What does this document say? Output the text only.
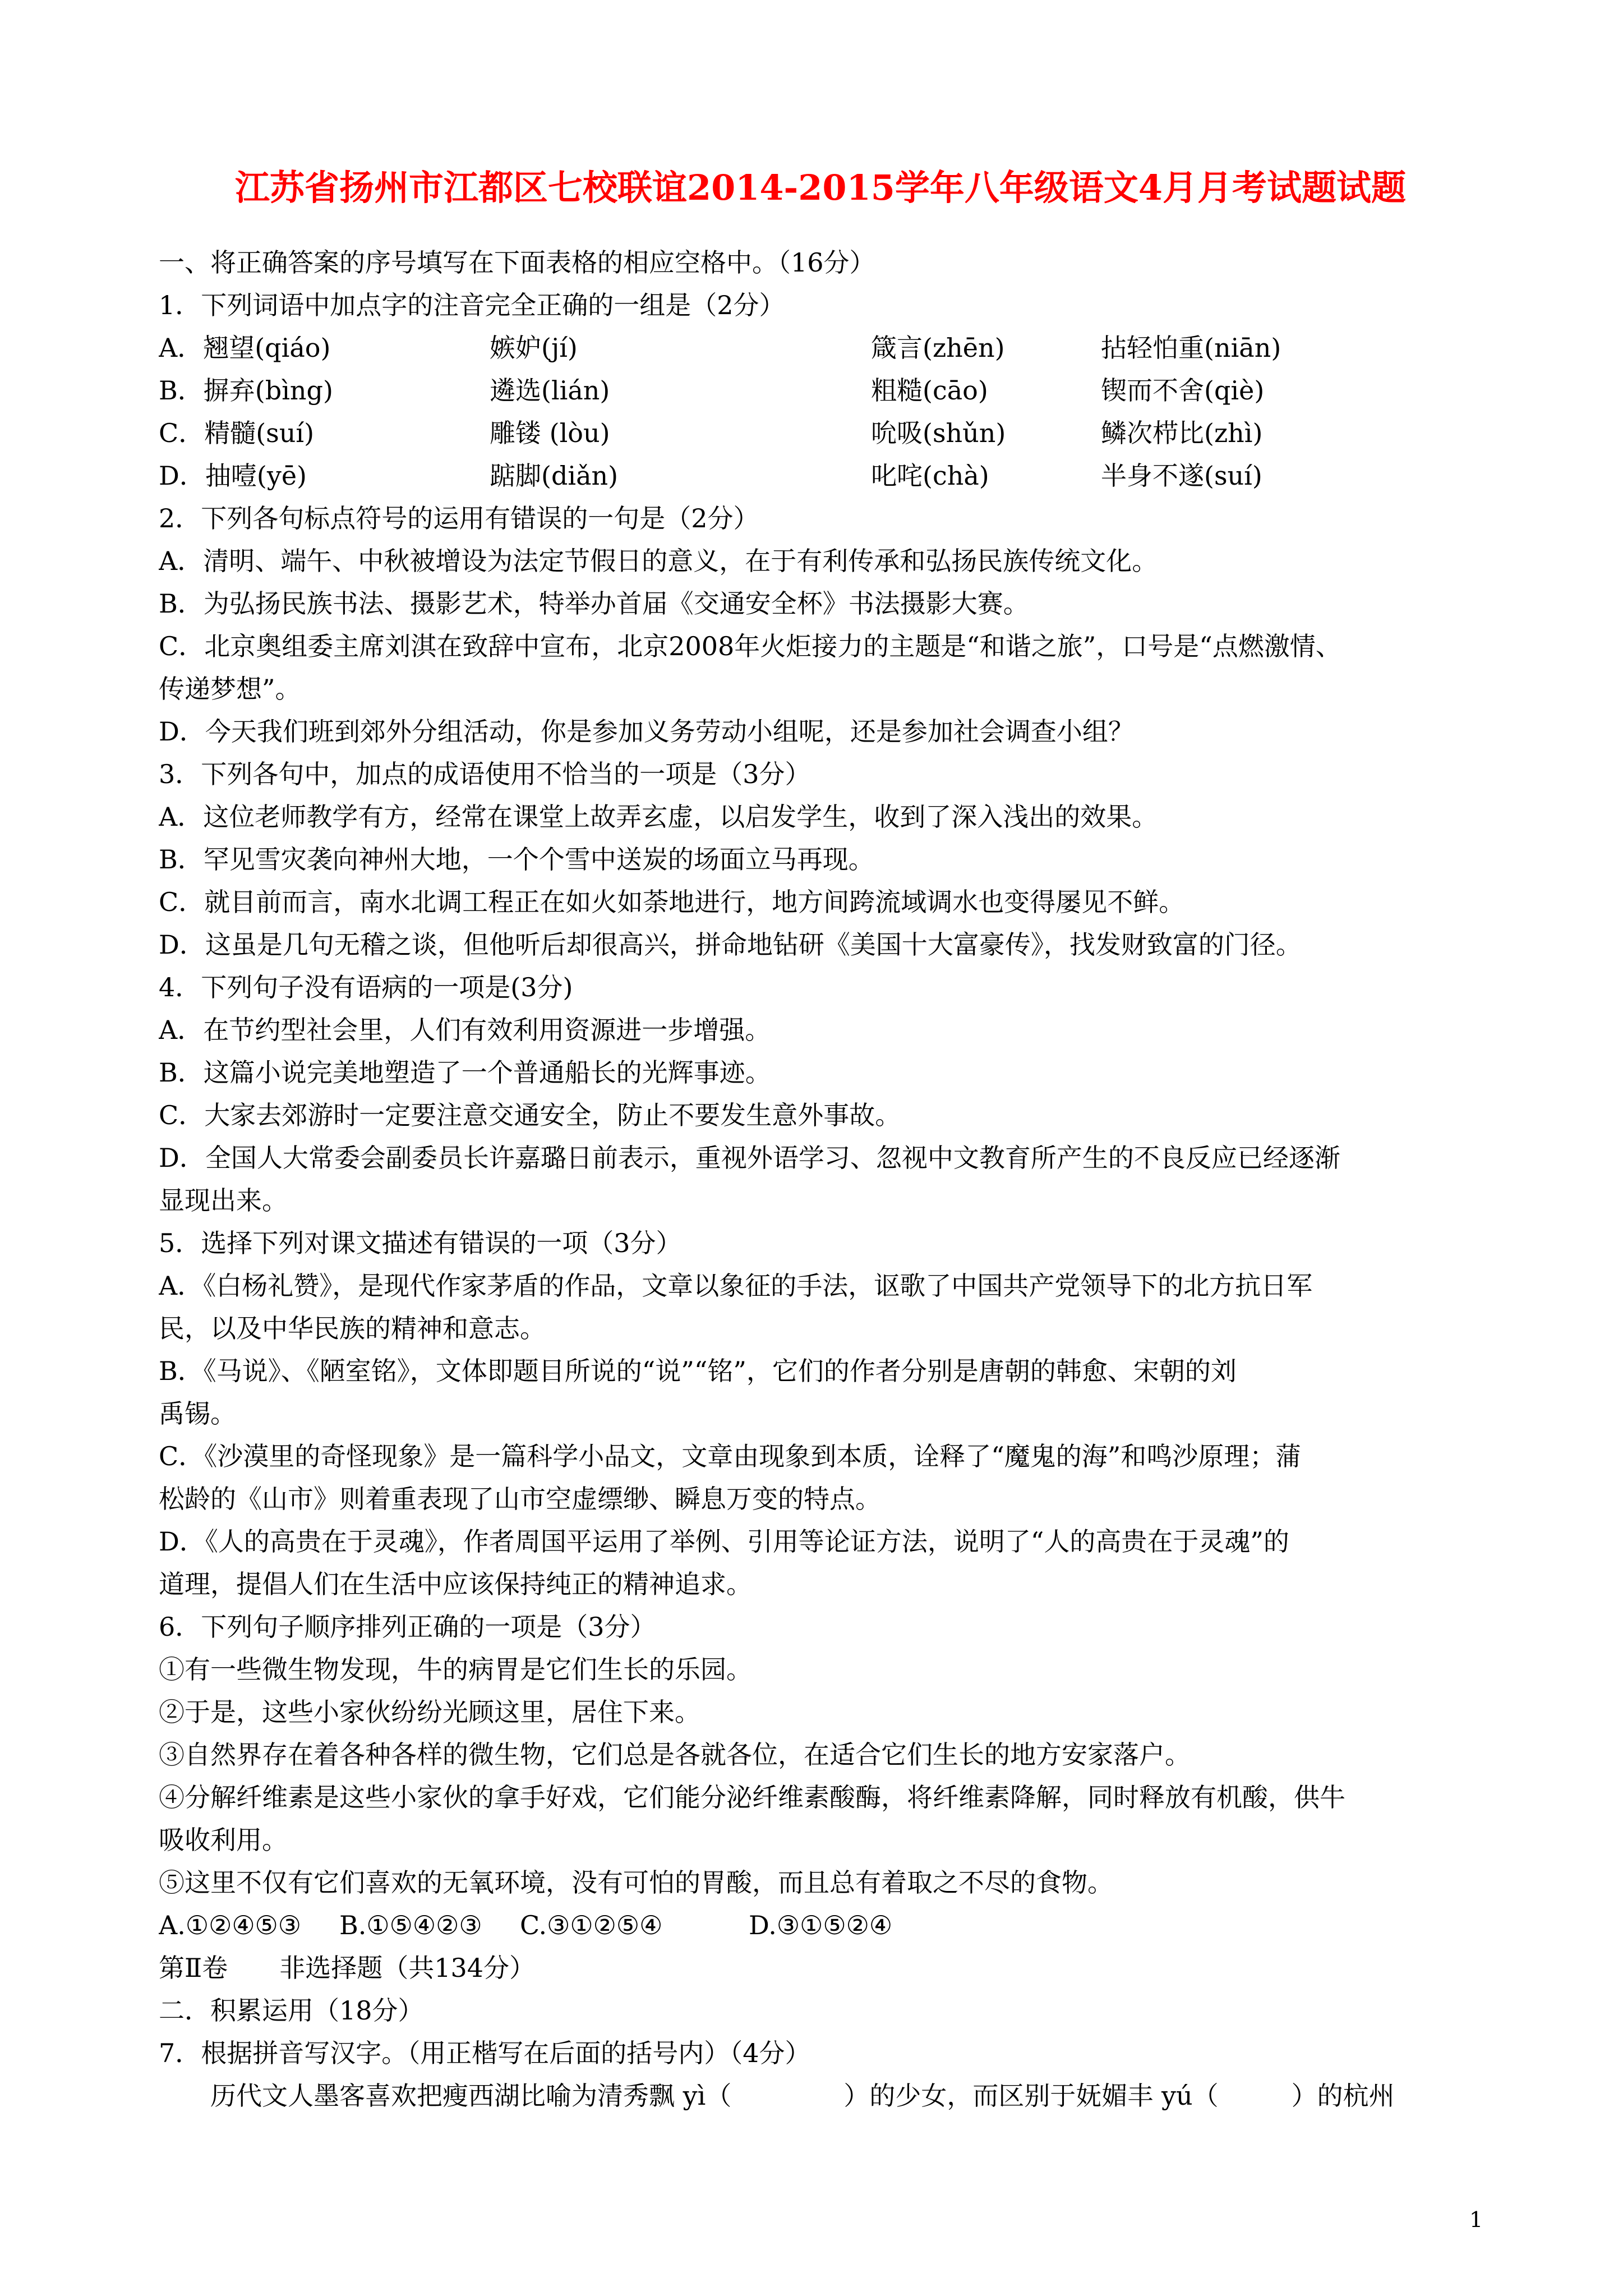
江苏省扬州市江都区七校联谊2014-2015学年八年级语文4月月考试题试题
一、将正确答案的序号填写在下面表格的相应空格中。（16分）
1．下列词语中加点字的注音完全正确的一组是（2分）
A．翘望(qiáo)	嫉妒(jí)	箴言(zhēn)	拈轻怕重(niān)
B．摒弃(bìng)	遴选(lián)	粗糙(cāo)	锲而不舍(qiè)
C．精髓(suí)	雕镂 (lòu)	吮吸(shǔn)	鳞次栉比(zhì)
D．抽噎(yē)	踮脚(diǎn)	叱咤(chà)	半身不遂(suí)
2．下列各句标点符号的运用有错误的一句是（2分）
A．清明、端午、中秋被增设为法定节假日的意义，在于有利传承和弘扬民族传统文化。
B．为弘扬民族书法、摄影艺术，特举办首届《交通安全杯》书法摄影大赛。
C．北京奥组委主席刘淇在致辞中宣布，北京2008年火炬接力的主题是“和谐之旅”，口号是“点燃激情、
传递梦想”。
D．今天我们班到郊外分组活动，你是参加义务劳动小组呢，还是参加社会调查小组？
3．下列各句中，加点的成语使用不恰当的一项是（3分）
A．这位老师教学有方，经常在课堂上故弄玄虚，以启发学生，收到了深入浅出的效果。
B．罕见雪灾袭向神州大地，一个个雪中送炭的场面立马再现。
C．就目前而言，南水北调工程正在如火如荼地进行，地方间跨流域调水也变得屡见不鲜。
D．这虽是几句无稽之谈，但他听后却很高兴，拼命地钻研《美国十大富豪传》，找发财致富的门径。
4．下列句子没有语病的一项是(3分)
A．在节约型社会里，人们有效利用资源进一步增强。
B．这篇小说完美地塑造了一个普通船长的光辉事迹。
C．大家去郊游时一定要注意交通安全，防止不要发生意外事故。
D．全国人大常委会副委员长许嘉璐日前表示，重视外语学习、忽视中文教育所产生的不良反应已经逐渐
显现出来。
5．选择下列对课文描述有错误的一项（3分）
A．《白杨礼赞》，是现代作家茅盾的作品，文章以象征的手法，讴歌了中国共产党领导下的北方抗日军
民，以及中华民族的精神和意志。
B．《马说》、《陋室铭》，文体即题目所说的“说”“铭”，它们的作者分别是唐朝的韩愈、宋朝的刘
禹锡。
C．《沙漠里的奇怪现象》是一篇科学小品文，文章由现象到本质，诠释了“魔鬼的海”和鸣沙原理；蒲
松龄的《山市》则着重表现了山市空虚缥缈、瞬息万变的特点。
D．《人的高贵在于灵魂》，作者周国平运用了举例、引用等论证方法，说明了“人的高贵在于灵魂”的
道理，提倡人们在生活中应该保持纯正的精神追求。
6．下列句子顺序排列正确的一项是（3分）
①有一些微生物发现，牛的病胃是它们生长的乐园。
②于是，这些小家伙纷纷光顾这里，居住下来。
③自然界存在着各种各样的微生物，它们总是各就各位，在适合它们生长的地方安家落户。
④分解纤维素是这些小家伙的拿手好戏，它们能分泌纤维素酸酶，将纤维素降解，同时释放有机酸，供牛
吸收利用。
⑤这里不仅有它们喜欢的无氧环境，没有可怕的胃酸，而且总有着取之不尽的食物。
A.①②④⑤③ B.①⑤④②③ C.③①②⑤④	D.③①⑤②④
第Ⅱ卷　　非选择题（共134分）
二．积累运用（18分）
7．根据拼音写汉字。（用正楷写在后面的括号内）（4分）
历代文人墨客喜欢把瘦西湖比喻为清秀飘 yì（	）的少女，而区别于妩媚丰 yú（	）的杭州
1
